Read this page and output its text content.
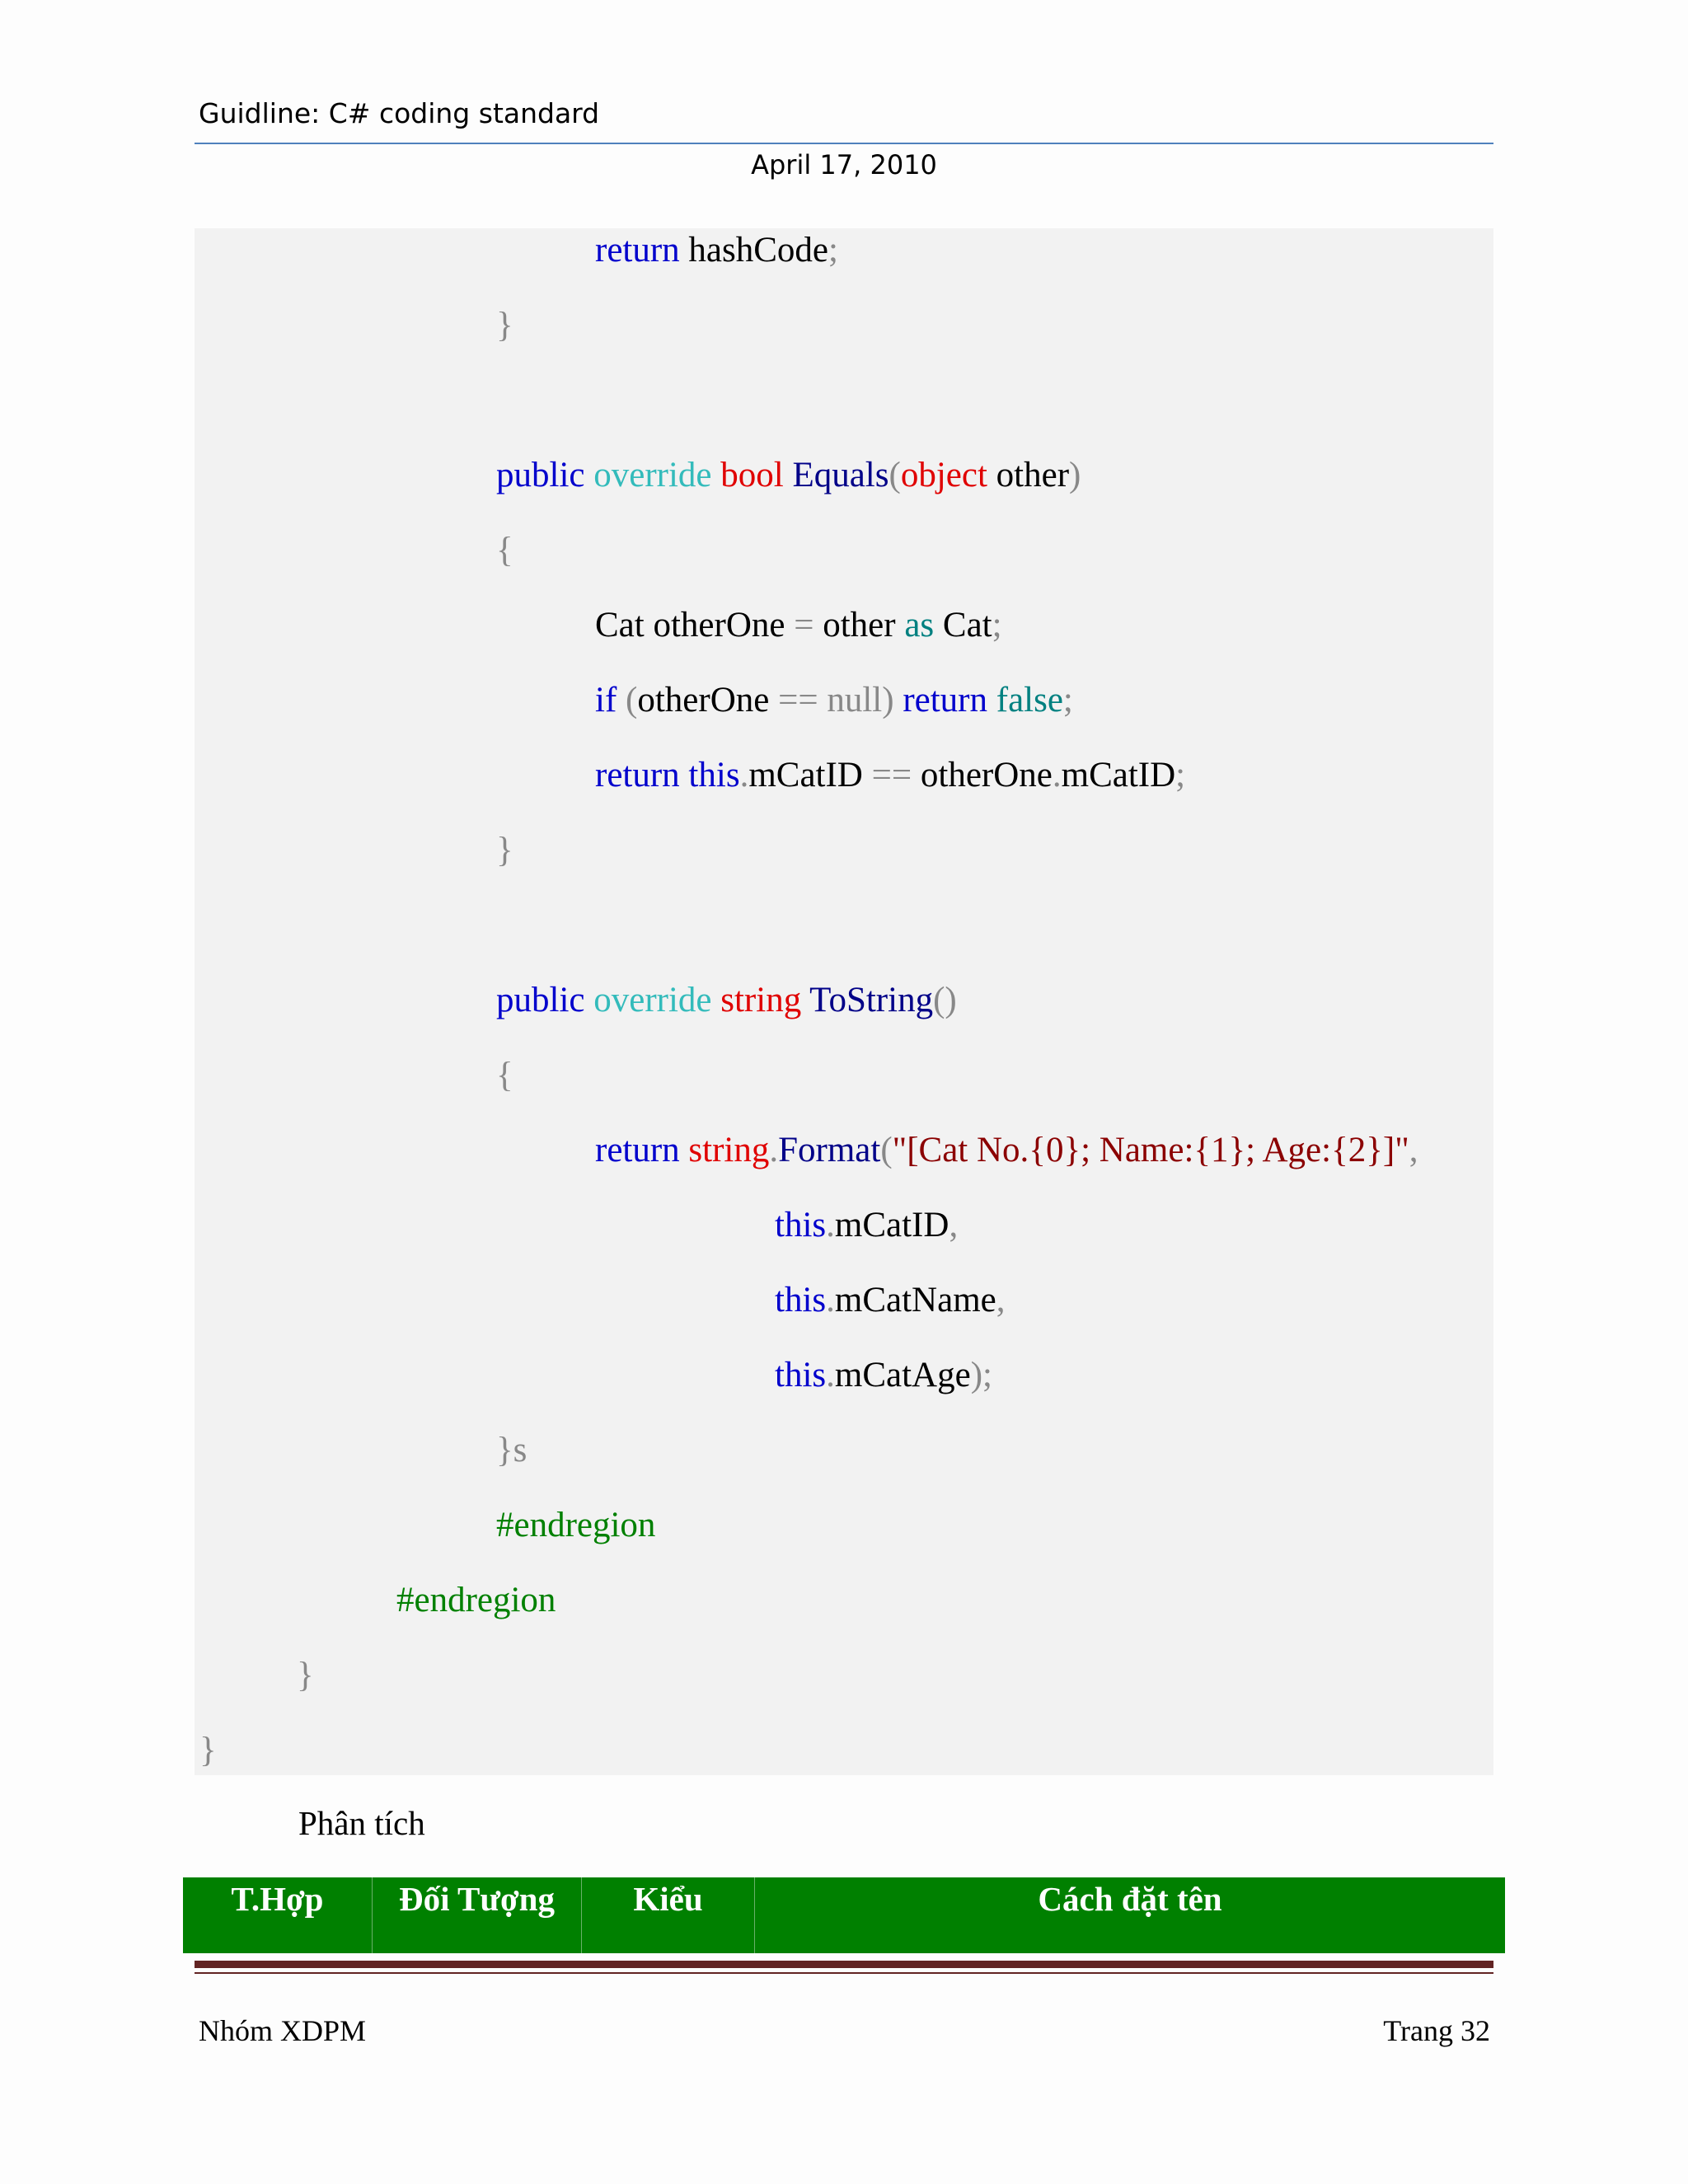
Guidline: C# coding standard
April 17, 2010
return hashCode;
}
public override bool Equals(object other)
{
Cat otherOne = other as Cat;
if (otherOne == null) return false;
return this.mCatID == otherOne.mCatID;
}
public override string ToString()
{
return string.Format("[Cat No.{0}; Name:{1}; Age:{2}]",
this.mCatID,
this.mCatName,
this.mCatAge);
}s
#endregion
#endregion
}
}
Phân tích
T.Hợp	Đối Tượng	Kiểu	Cách đặt tên
Nhóm XDPM	Trang 32
